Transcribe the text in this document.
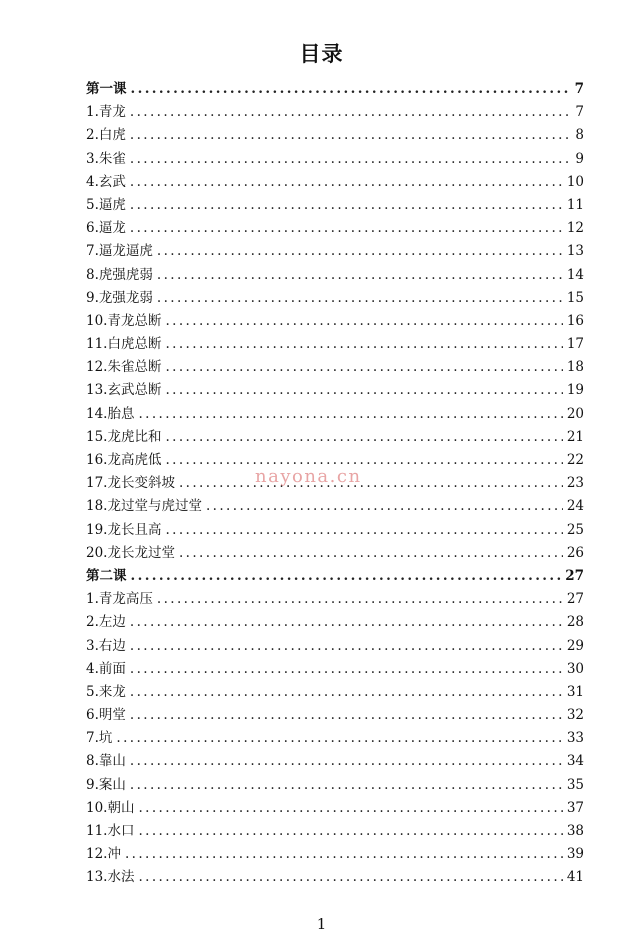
目录
第一课 .....	7
1.青龙 .....	7
2.白虎 .....	8
3.朱雀 .....	9
4.玄武 .....	10
5.逼虎 .....	11
6.逼龙 .....	12
7.逼龙逼虎 .....	13
8.虎强虎弱 .....	14
9.龙强龙弱 .....	15
10.青龙总断 .....	16
11.白虎总断 .....	17
12.朱雀总断 .....	18
13.玄武总断 .....	19
14.胎息 .....	20
15.龙虎比和 .....	21
16.龙高虎低 .....	22
17.龙长变斜坡 .....	23
18.龙过堂与虎过堂 .....	24
19.龙长且高 .....	25
20.龙长龙过堂 .....	26
第二课 .....	27
1.青龙高压 .....	27
2.左边 .....	28
3.右边 .....	29
4.前面 .....	30
5.来龙 .....	31
6.明堂 .....	32
7.坑 .....	33
8.靠山 .....	34
9.案山 .....	35
10.朝山 .....	37
11.水口 .....	38
12.冲 .....	39
13.水法 .....	41
nayona.cn
1
